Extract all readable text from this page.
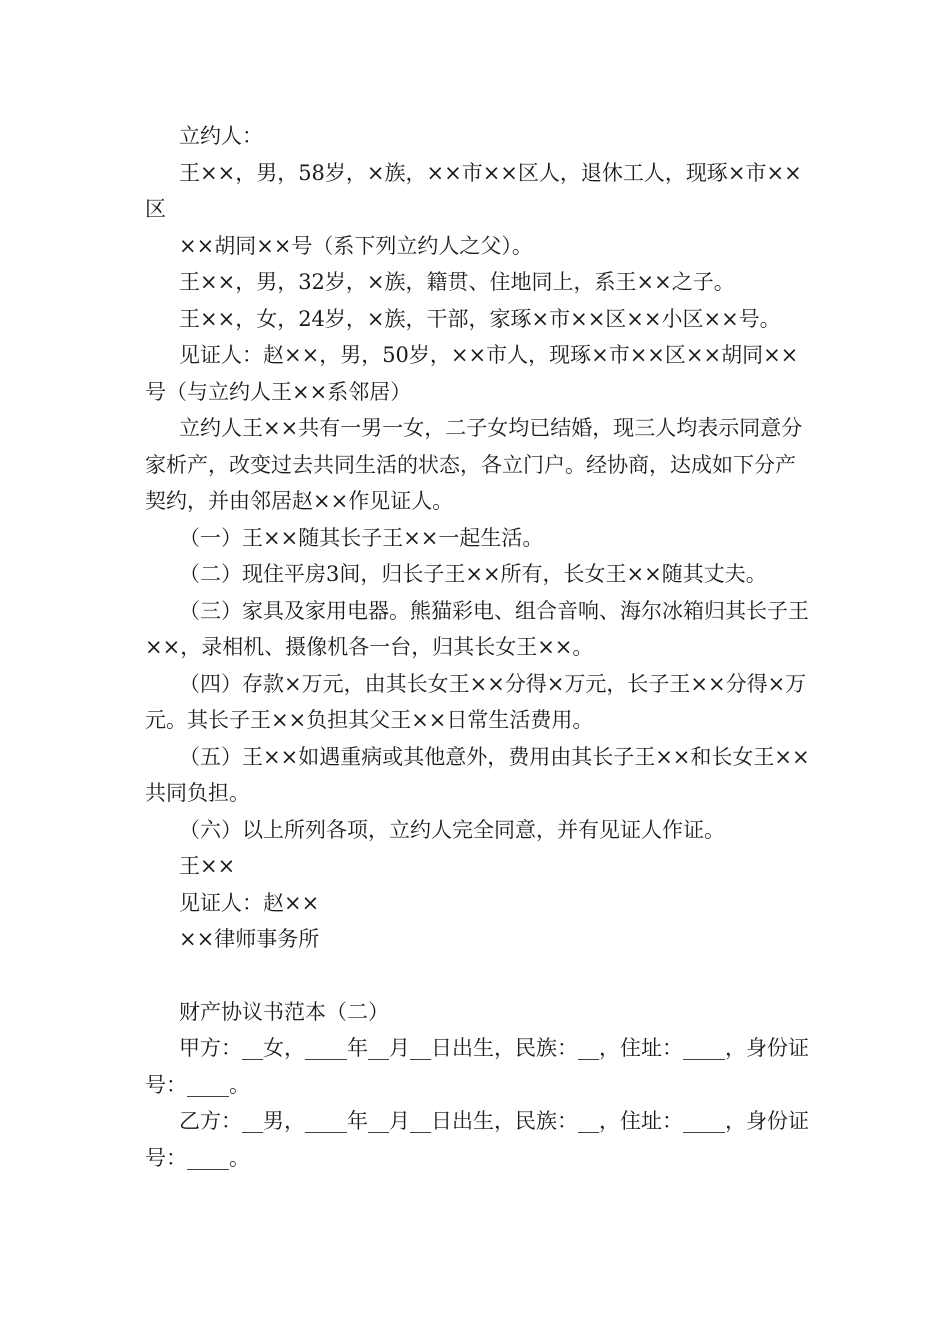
立约人：

王××，男，58岁，×族，××市××区人，退休工人，现琢×市××区

××胡同××号（系下列立约人之父）。

王××，男，32岁，×族，籍贯、住地同上，系王××之子。

王××，女，24岁，×族，干部，家琢×市××区××小区××号。

见证人：赵××，男，50岁，××市人，现琢×市××区××胡同××号（与立约人王××系邻居）

立约人王××共有一男一女，二子女均已结婚，现三人均表示同意分家析产，改变过去共同生活的状态，各立门户。经协商，达成如下分产契约，并由邻居赵××作见证人。

（一）王××随其长子王××一起生活。

（二）现住平房3间，归长子王××所有，长女王××随其丈夫。

（三）家具及家用电器。熊猫彩电、组合音响、海尔冰箱归其长子王××，录相机、摄像机各一台，归其长女王××。

（四）存款×万元，由其长女王××分得×万元，长子王××分得×万元。其长子王××负担其父王××日常生活费用。

（五）王××如遇重病或其他意外，费用由其长子王××和长女王××共同负担。

（六）以上所列各项，立约人完全同意，并有见证人作证。

王××

见证人：赵××

××律师事务所

财产协议书范本（二）

甲方：__女，____年__月__日出生，民族：__，住址：____，身份证号：____。

乙方：__男，____年__月__日出生，民族：__，住址：____，身份证号：____。
